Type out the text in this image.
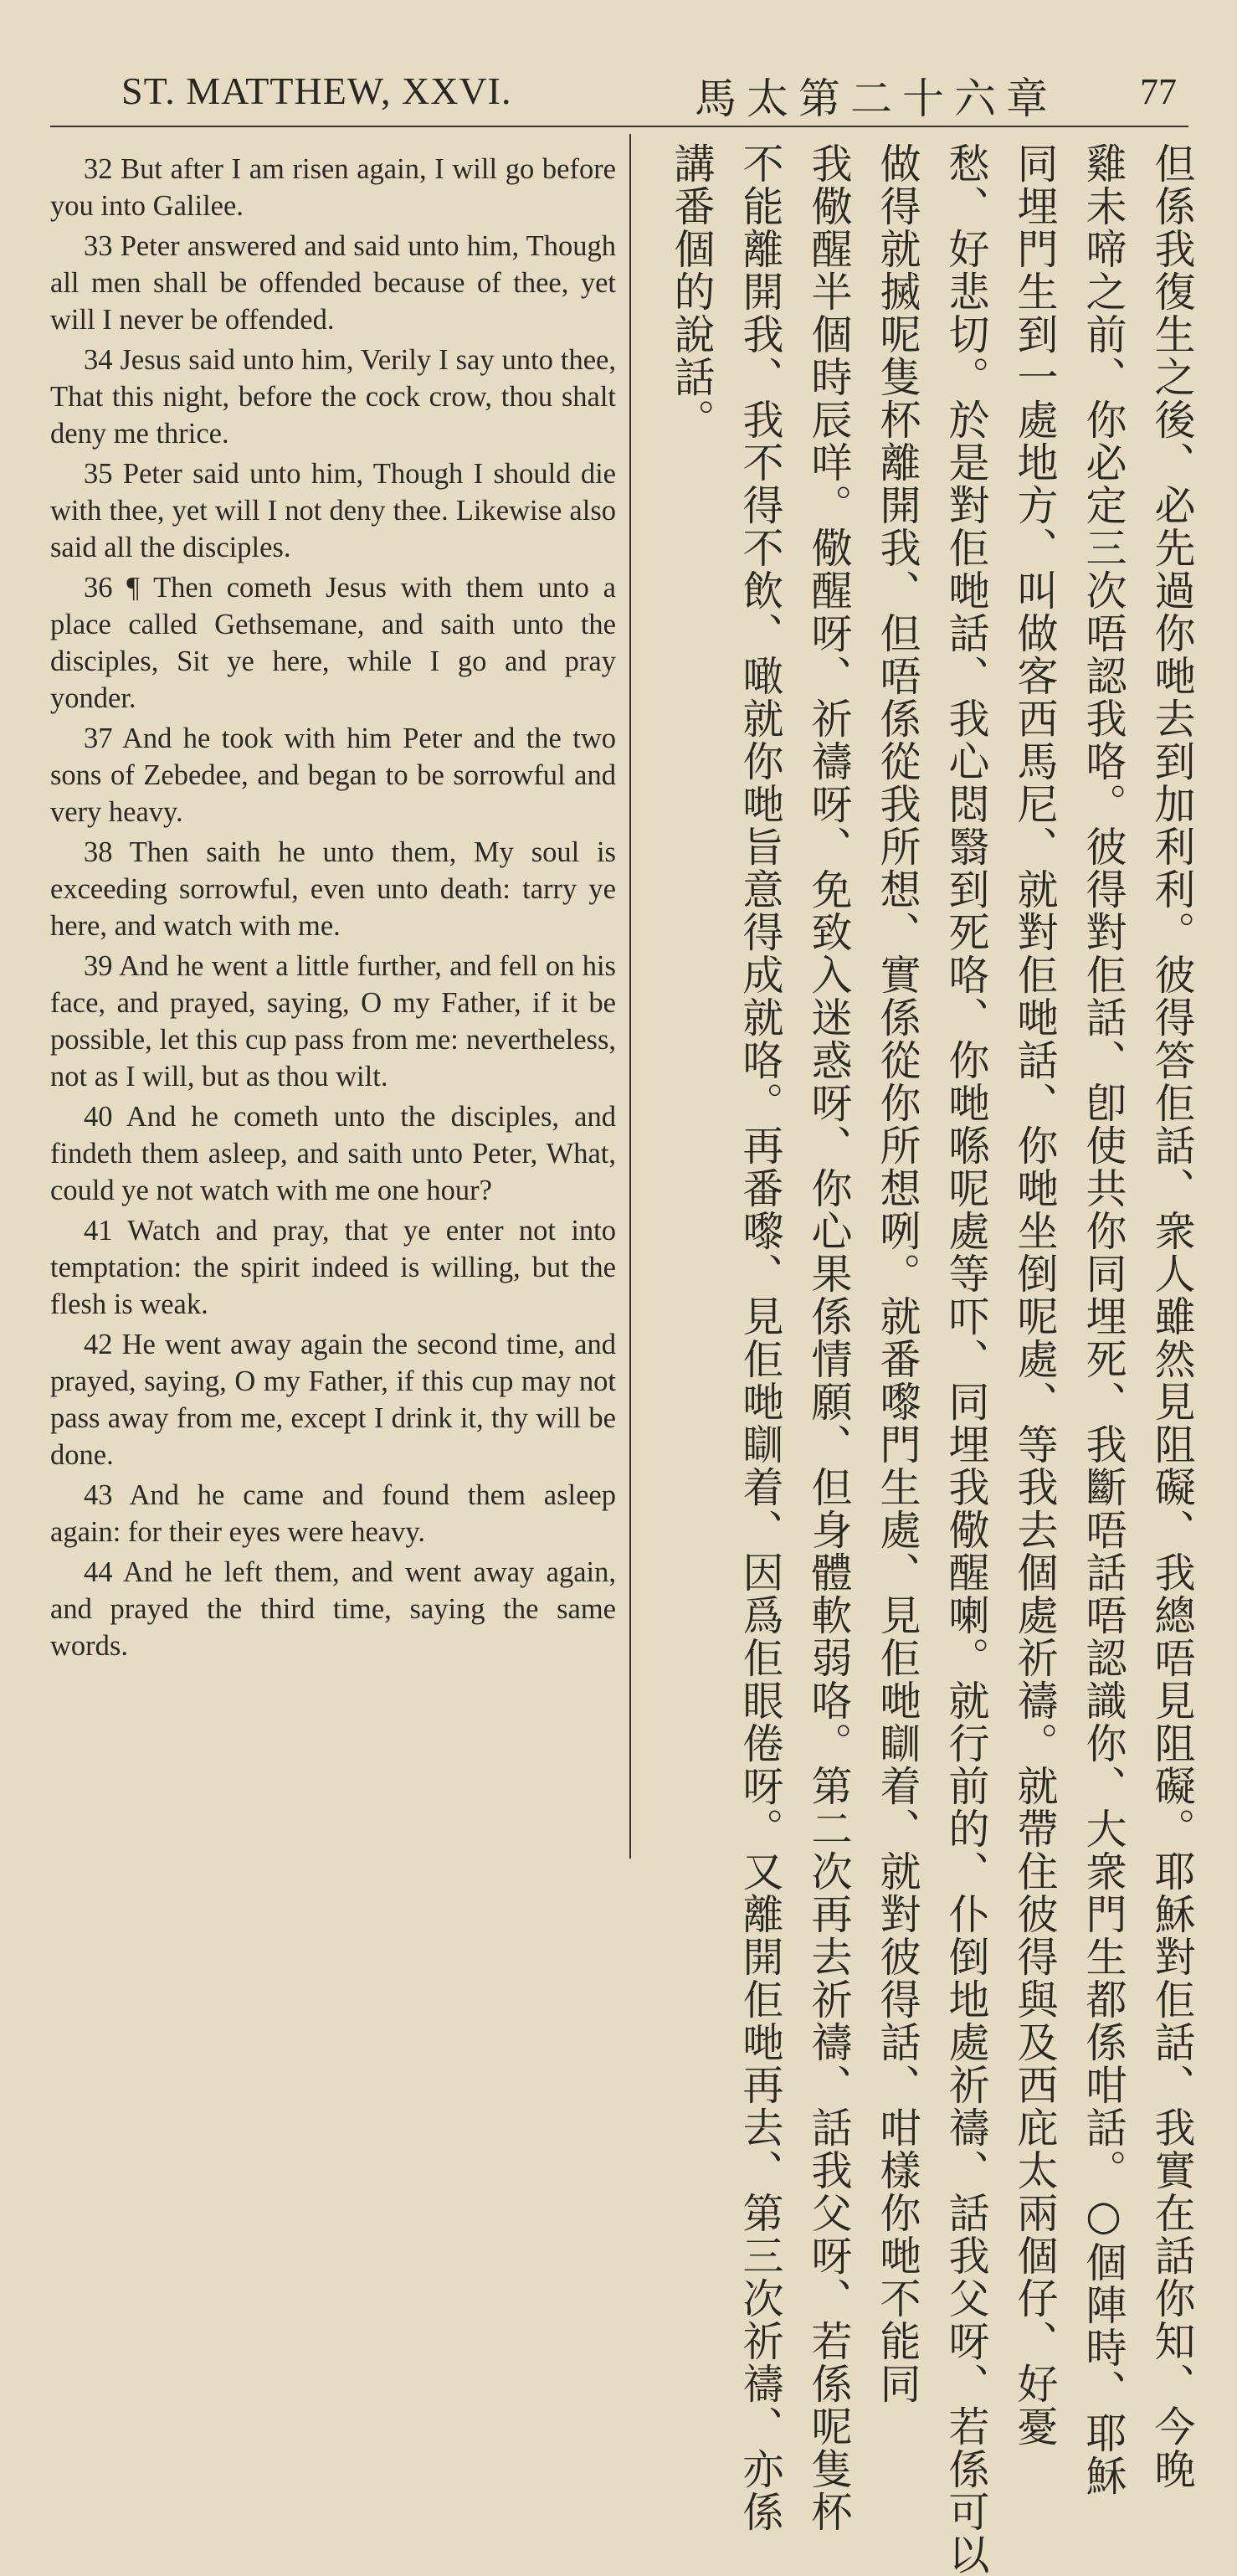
ST. MATTHEW, XXVI.	馬太第二十六章 77

32 But after I am risen again, I will go before you into Galilee.

33 Peter answered and said unto him, Though all men shall be offended because of thee, yet will I never be offended.

34 Jesus said unto him, Verily I say unto thee, That this night, before the cock crow, thou shalt deny me thrice.

35 Peter said unto him, Though I should die with thee, yet will I not deny thee. Likewise also said all the disciples.

36 ¶ Then cometh Jesus with them unto a place called Gethsemane, and saith unto the disciples, Sit ye here, while I go and pray yonder.

37 And he took with him Peter and the two sons of Zebedee, and began to be sorrowful and very heavy.

38 Then saith he unto them, My soul is exceeding sorrowful, even unto death: tarry ye here, and watch with me.

39 And he went a little further, and fell on his face, and prayed, saying, O my Father, if it be possible, let this cup pass from me: nevertheless, not as I will, but as thou wilt.

40 And he cometh unto the disciples, and findeth them asleep, and saith unto Peter, What, could ye not watch with me one hour?

41 Watch and pray, that ye enter not into temptation: the spirit indeed is willing, but the flesh is weak.

42 He went away again the second time, and prayed, saying, O my Father, if this cup may not pass away from me, except I drink it, thy will be done.

43 And he came and found them asleep again: for their eyes were heavy.

44 And he left them, and went away again, and prayed the third time, saying the same words.	但係我復生之後、必先過你哋去到加利利。彼得答佢話、衆人雖然見阻礙、我總唔見阻礙。耶穌對佢話、我實在話你知、今晚
雞未啼之前、你必定三次唔認我咯。彼得對佢話、卽使共你同埋死、我斷唔話唔認識你、大衆門生都係咁話。○個陣時、耶穌
同埋門生到一處地方、叫做客西馬尼、就對佢哋話、你哋坐倒呢處、等我去個處祈禱。就帶住彼得與及西庇太兩個仔、好憂
愁、好悲切。於是對佢哋話、我心悶翳到死咯、你哋喺呢處等吓、同埋我儆醒喇。就行前的、仆倒地處祈禱、話我父呀、若係可以
做得就搣呢隻杯離開我、但唔係從我所想、實係從你所想咧。就番嚟門生處、見佢哋瞓着、就對彼得話、咁樣你哋不能同
我儆醒半個時辰咩。儆醒呀、祈禱呀、免致入迷惑呀、你心果係情願、但身體軟弱咯。第二次再去祈禱、話我父呀、若係呢隻杯
不能離開我、我不得不飲、噉就你哋旨意得成就咯。再番嚟、見佢哋瞓着、因爲佢眼倦呀。又離開佢哋再去、第三次祈禱、亦係
講番個的說話。
